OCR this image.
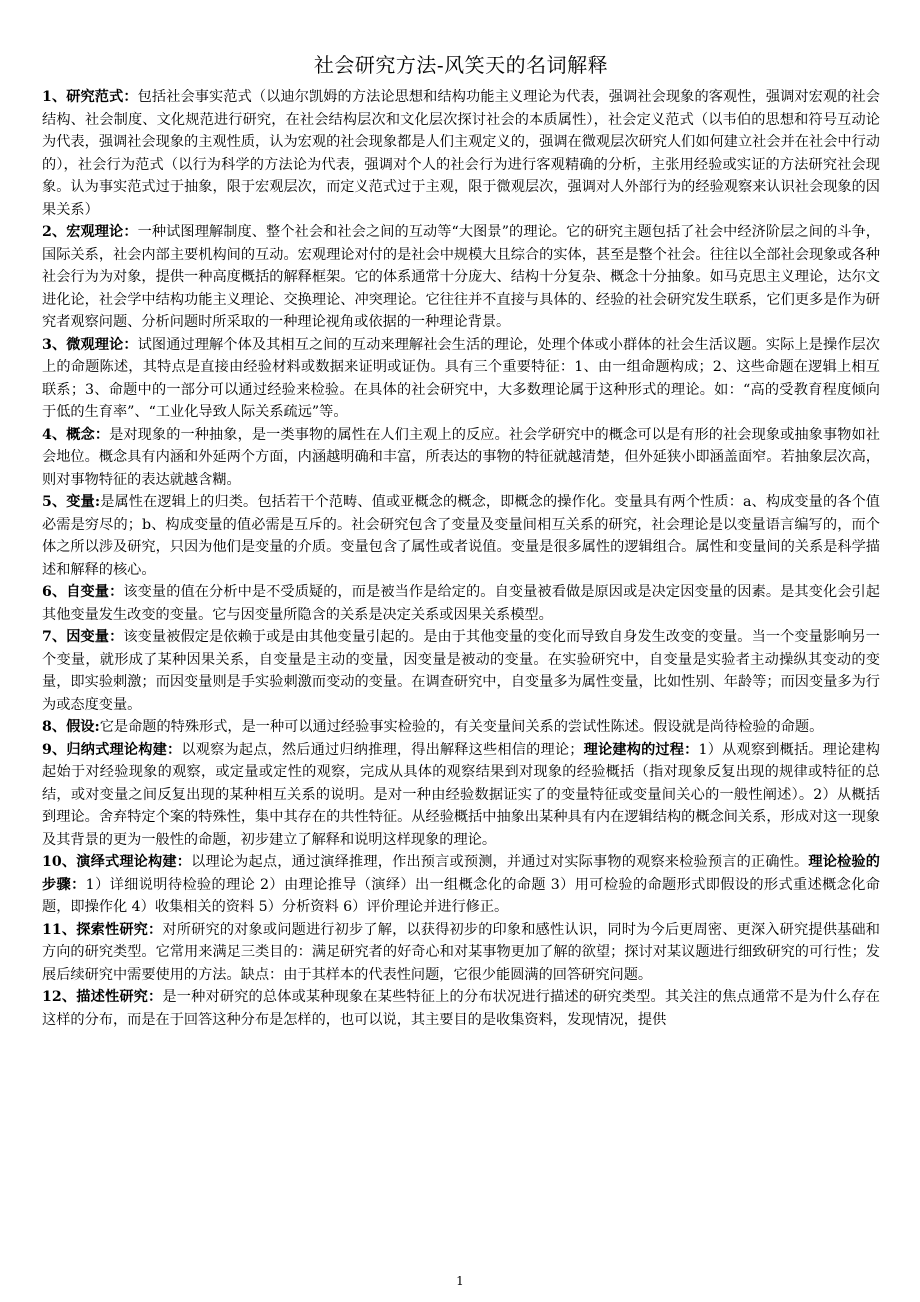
社会研究方法-风笑天的名词解释

1、研究范式：包括社会事实范式（以迪尔凯姆的方法论思想和结构功能主义理论为代表，强调社会现象的客观性，强调对宏观的社会结构、社会制度、文化规范进行研究，在社会结构层次和文化层次探讨社会的本质属性），社会定义范式（以韦伯的思想和符号互动论为代表，强调社会现象的主观性质，认为宏观的社会现象都是人们主观定义的，强调在微观层次研究人们如何建立社会并在社会中行动的），社会行为范式（以行为科学的方法论为代表，强调对个人的社会行为进行客观精确的分析，主张用经验或实证的方法研究社会现象。认为事实范式过于抽象，限于宏观层次，而定义范式过于主观，限于微观层次，强调对人外部行为的经验观察来认识社会现象的因果关系）

2、宏观理论：一种试图理解制度、整个社会和社会之间的互动等“大图景”的理论。它的研究主题包括了社会中经济阶层之间的斗争，国际关系，社会内部主要机构间的互动。宏观理论对付的是社会中规模大且综合的实体，甚至是整个社会。往往以全部社会现象或各种社会行为为对象，提供一种高度概括的解释框架。它的体系通常十分庞大、结构十分复杂、概念十分抽象。如马克思主义理论，达尔文进化论，社会学中结构功能主义理论、交换理论、冲突理论。它往往并不直接与具体的、经验的社会研究发生联系，它们更多是作为研究者观察问题、分析问题时所采取的一种理论视角或依据的一种理论背景。

3、微观理论：试图通过理解个体及其相互之间的互动来理解社会生活的理论，处理个体或小群体的社会生活议题。实际上是操作层次上的命题陈述，其特点是直接由经验材料或数据来证明或证伪。具有三个重要特征：1、由一组命题构成；2、这些命题在逻辑上相互联系；3、命题中的一部分可以通过经验来检验。在具体的社会研究中，大多数理论属于这种形式的理论。如：“高的受教育程度倾向于低的生育率”、“工业化导致人际关系疏远”等。

4、概念：是对现象的一种抽象，是一类事物的属性在人们主观上的反应。社会学研究中的概念可以是有形的社会现象或抽象事物如社会地位。概念具有内涵和外延两个方面，内涵越明确和丰富，所表达的事物的特征就越清楚，但外延狭小即涵盖面窄。若抽象层次高，则对事物特征的表达就越含糊。

5、变量:是属性在逻辑上的归类。包括若干个范畴、值或亚概念的概念，即概念的操作化。变量具有两个性质：a、构成变量的各个值必需是穷尽的；b、构成变量的值必需是互斥的。社会研究包含了变量及变量间相互关系的研究，社会理论是以变量语言编写的，而个体之所以涉及研究，只因为他们是变量的介质。变量包含了属性或者说值。变量是很多属性的逻辑组合。属性和变量间的关系是科学描述和解释的核心。

6、自变量：该变量的值在分析中是不受质疑的，而是被当作是给定的。自变量被看做是原因或是决定因变量的因素。是其变化会引起其他变量发生改变的变量。它与因变量所隐含的关系是决定关系或因果关系模型。

7、因变量：该变量被假定是依赖于或是由其他变量引起的。是由于其他变量的变化而导致自身发生改变的变量。当一个变量影响另一个变量，就形成了某种因果关系，自变量是主动的变量，因变量是被动的变量。在实验研究中，自变量是实验者主动操纵其变动的变量，即实验刺激；而因变量则是手实验刺激而变动的变量。在调查研究中，自变量多为属性变量，比如性别、年龄等；而因变量多为行为或态度变量。

8、假设:它是命题的特殊形式，是一种可以通过经验事实检验的，有关变量间关系的尝试性陈述。假设就是尚待检验的命题。

9、归纳式理论构建：以观察为起点，然后通过归纳推理，得出解释这些相信的理论；理论建构的过程：1）从观察到概括。理论建构起始于对经验现象的观察，或定量或定性的观察，完成从具体的观察结果到对现象的经验概括（指对现象反复出现的规律或特征的总结，或对变量之间反复出现的某种相互关系的说明。是对一种由经验数据证实了的变量特征或变量间关心的一般性阐述）。2）从概括到理论。舍弃特定个案的特殊性，集中其存在的共性特征。从经验概括中抽象出某种具有内在逻辑结构的概念间关系，形成对这一现象及其背景的更为一般性的命题，初步建立了解释和说明这样现象的理论。

10、演绎式理论构建：以理论为起点，通过演绎推理，作出预言或预测，并通过对实际事物的观察来检验预言的正确性。理论检验的步骤：1）详细说明待检验的理论 2）由理论推导（演绎）出一组概念化的命题 3）用可检验的命题形式即假设的形式重述概念化命题，即操作化 4）收集相关的资料 5）分析资料 6）评价理论并进行修正。

11、探索性研究：对所研究的对象或问题进行初步了解，以获得初步的印象和感性认识，同时为今后更周密、更深入研究提供基础和方向的研究类型。它常用来满足三类目的：满足研究者的好奇心和对某事物更加了解的欲望；探讨对某议题进行细致研究的可行性；发展后续研究中需要使用的方法。缺点：由于其样本的代表性问题，它很少能圆满的回答研究问题。

12、描述性研究：是一种对研究的总体或某种现象在某些特征上的分布状况进行描述的研究类型。其关注的焦点通常不是为什么存在这样的分布，而是在于回答这种分布是怎样的，也可以说，其主要目的是收集资料，发现情况，提供

1
